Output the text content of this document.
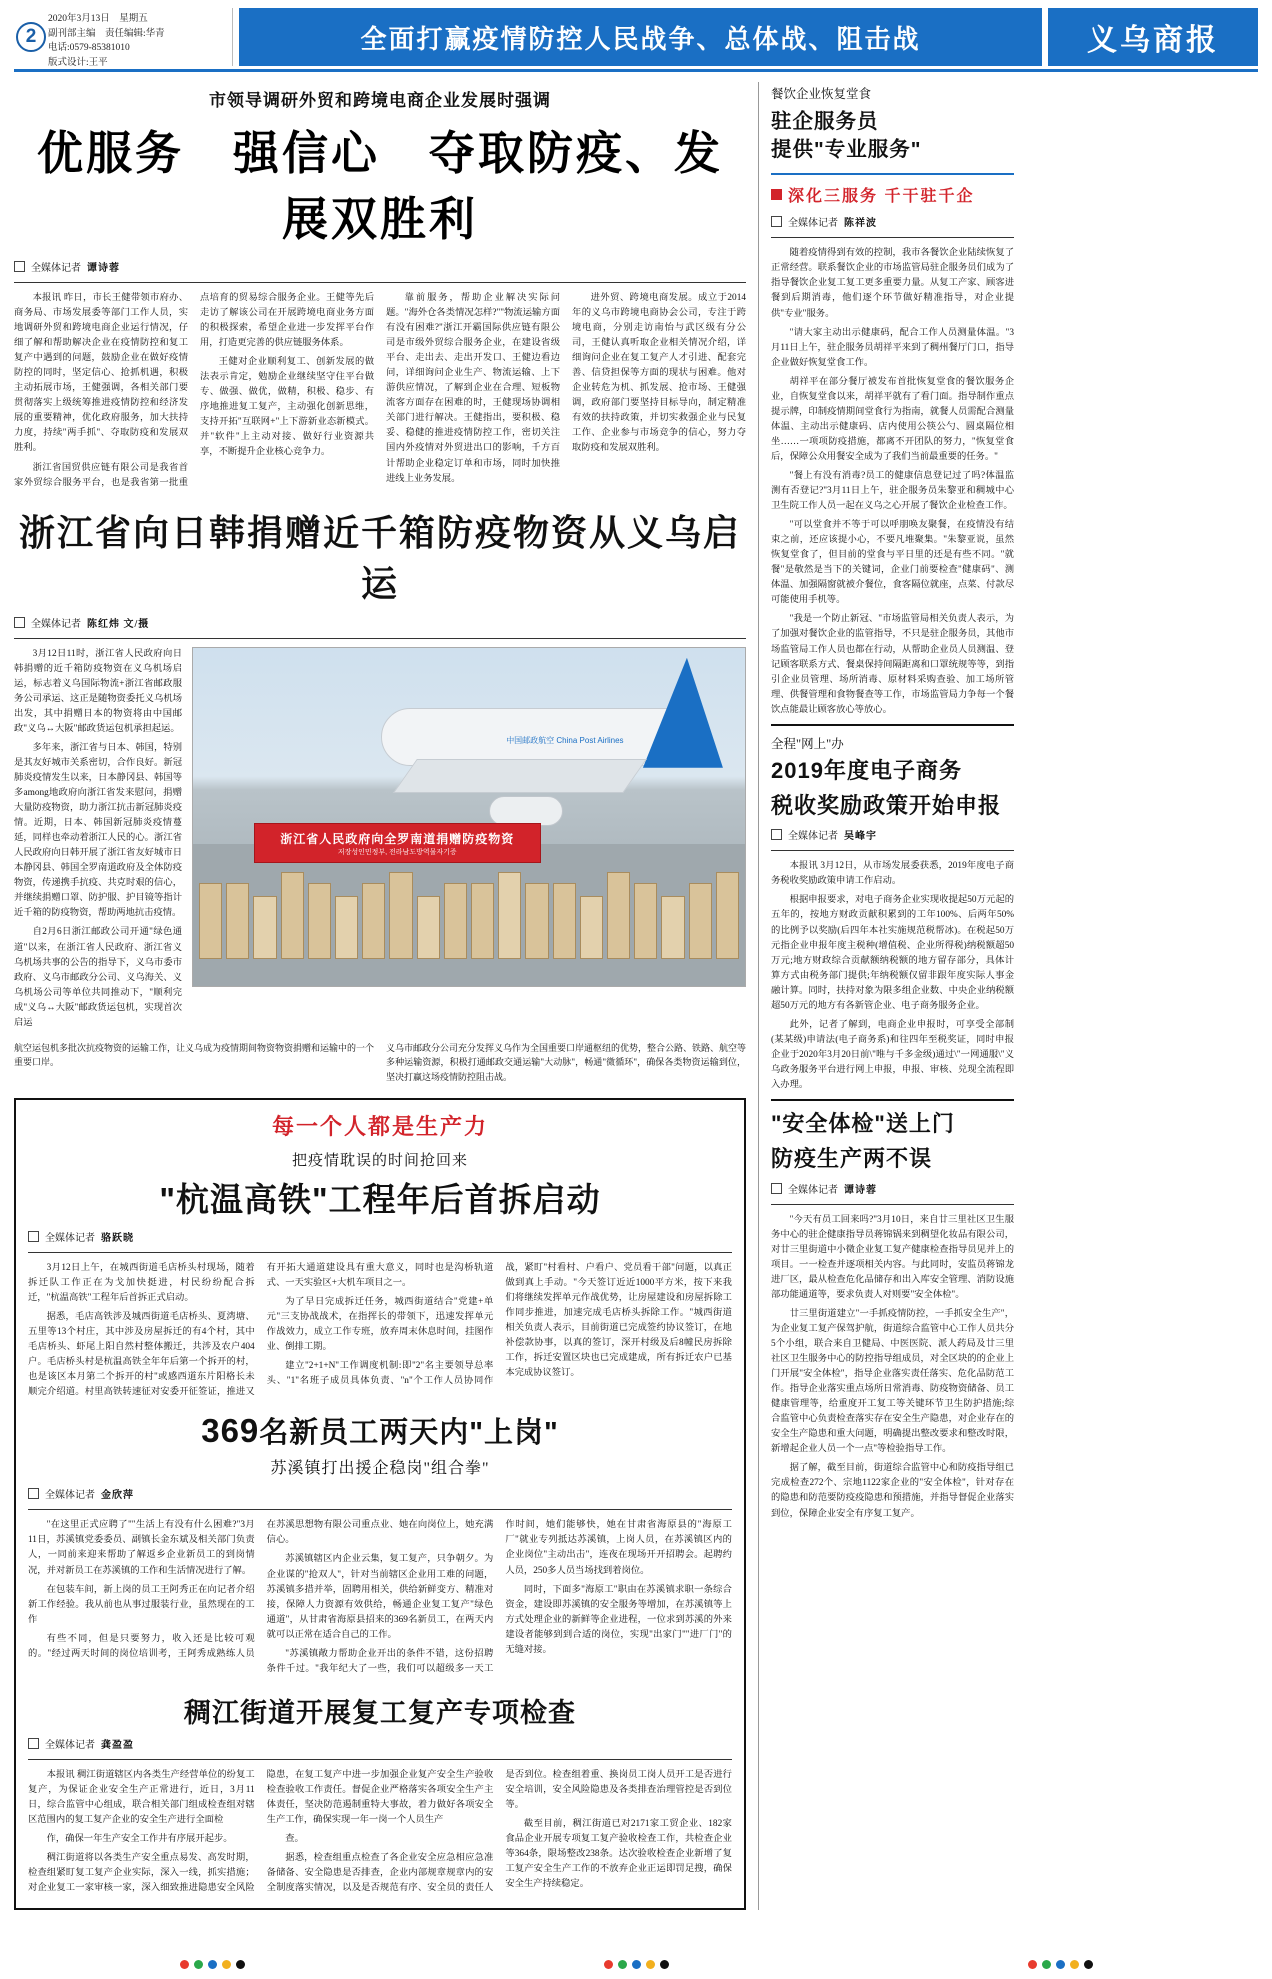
2
2020年3月13日　星期五
副刊部主编　责任编辑:华青
电话:0579-85381010
版式设计:王平
全面打赢疫情防控人民战争、总体战、阻击战	义乌商报
市领导调研外贸和跨境电商企业发展时强调
优服务　强信心　夺取防疫、发展双胜利
全媒体记者 谭诗蓉

本报讯 昨日，市长王健带领市府办、商务局、市场发展委等部门工作人员，实地调研外贸和跨境电商企业运行情况，仔细了解和帮助解决企业在疫情防控和复工复产中遇到的问题，鼓励企业在做好疫情防控的同时，坚定信心、抢抓机遇，积极主动拓展市场，王健强调，各相关部门要贯彻落实上级统筹推进疫情防控和经济发展的重要精神，优化政府服务，加大扶持力度，持续"两手抓"、夺取防疫和发展双胜利。

浙江省国贸供应链有限公司是我省首家外贸综合服务平台，也是我省第一批重点培育的贸易综合服务企业。王健等先后走访了解该公司在开展跨境电商业务方面的积极探索，希望企业进一步发挥平台作用，打造更完善的供应链服务体系。

王健对企业顺利复工、创新发展的做法表示肯定，勉励企业继续坚守住平台做专、做强、做优，做精，积极、稳步、有序地推进复工复产，主动强化创新思维，支持开拓"互联网+"上下游新业态新模式。并"软件"上主动对接、做好行业资源共享，不断提升企业核心竞争力。

靠前服务，帮助企业解决实际问题。"海外仓各类情况怎样?""物流运输方面有没有困难?"浙江开霸国际供应链有限公司是市级外贸综合服务企业，在建设省级平台、走出去、走出开发口、王健边看边问，详细询问企业生产、物流运输、上下游供应情况，了解到企业在合理、短板物流客方面存在困难的时，王健现场协调相关部门进行解决。王健指出，要积极、稳妥、稳健的推进疫情防控工作，密切关注国内外疫情对外贸进出口的影响，千方百计帮助企业稳定订单和市场，同时加快推进线上业务发展。

进外贸、跨境电商发展。成立于2014年的义乌市跨境电商协会公司，专注于跨境电商，分别走访南怡与武区级有分公司，王健认真听取企业相关情况介绍，详细询问企业在复工复产人才引进、配套完善、信贷担保等方面的现状与困难。他对企业转危为机、抓发展、抢市场、王健强调，政府部门要坚持目标导向，制定精准有效的扶持政策，并切实救强企业与民复工作、企业参与市场竞争的信心，努力夺取防疫和发展双胜利。

浙江省向日韩捐赠近千箱防疫物资从义乌启运
全媒体记者 陈红炜 文/摄

3月12日11时，浙江省人民政府向日韩捐赠的近千箱防疫物资在义乌机场启运，标志着义乌国际物流+浙江省邮政服务公司承运、这正是随物资委托义乌机场出发，其中捐赠日本的物资将由中国邮政"义乌↔大阪"邮政货运包机承担起运。

多年来，浙江省与日本、韩国，特别是其友好城市关系密切，合作良好。新冠肺炎疫情发生以来，日本静冈县、韩国等多among地政府向浙江省发来慰问，捐赠大量防疫物资，助力浙江抗击新冠肺炎疫情。近期，日本、韩国新冠肺炎疫情蔓延，同样也牵动着浙江人民的心。浙江省人民政府向日韩开展了浙江省友好城市日本静冈县、韩国全罗南道政府及全体防疫物资，传递携手抗疫、共克时艰的信心，并继续捐赠口罩、防护服、护目镜等指计近千箱的防疫物资，帮助两地抗击疫情。

自2月6日浙江邮政公司开通"绿色通道"以来，在浙江省人民政府、浙江省义乌机场共事的公告的指导下，义乌市委市政府、义乌市邮政分公司、义乌海关、义乌机场公司等单位共同推动下，"顺利完成"义乌↔大阪"邮政货运包机，实现首次启运

中国邮政航空 China Post Airlines
浙江省人民政府向全罗南道捐赠防疫物资
저장성인민정부, 전라남도방역물자기증
航空运包机多批次抗疫物资的运输工作，让义乌成为疫情期间物资物资捐赠和运输中的一个重要口岸。
义乌市邮政分公司充分发挥义乌作为全国重要口岸通枢纽的优势，整合公路、铁路、航空等多种运输资源，积极打通邮政交通运输"大动脉"，畅通"微循环"，确保各类物资运输到位，坚决打赢这场疫情防控阻击战。
每一个人都是生产力
把疫情耽误的时间抢回来
"杭温高铁"工程年后首拆启动
全媒体记者 骆跃晓

3月12日上午，在城西街道毛店桥头村现场，随着拆迁队工作正在为戈加快挺进，村民纷纷配合拆迁，"杭温高铁"工程年后首拆正式启动。

据悉，毛店高铁涉及城西街道毛店桥头、夏湾塘、五里等13个村庄，其中涉及房屋拆迁的有4个村，其中毛店桥头、虾尾上阳自然村整体搬迁，共涉及农户404户。毛店桥头村是杭温高铁全年年后第一个拆开的村，也是该区本月第二个拆开的村"或感西道东片阳格长未顺完介绍道。村里高铁转速征对安委开征签证，推进又有开拓大通道建设具有重大意义，同时也是沟桥轨道式、一天实验区+大机车项目之一。

为了早日完成拆迁任务，城西街道结合"党建+单元"三支协战战术，在指挥长的带领下，迅速发挥单元作战效力，成立工作专班，放弃周末休息时间，挂图作业、倒排工期。

建立"2+1+N"工作调度机制:即"2"名主要领导总率头、"1"名班子成员具体负责、"n"个工作人员协同作战，紧盯"村看村、户看户、党员看干部"问题，以真正做到真上手动。"今天签订近近1000平方米，按下来我们将继续发挥单元作战优势，让房屋建设和房屋拆除工作同步推进，加速完成毛店桥头拆除工作。"城西街道相关负责人表示，目前街道已完成签约协议签订，在地补偿款协事，以真的签订，深开村级及后8幢民房拆除工作，拆迁安置区块也已完成建成，所有拆迁农户已基本完成协议签订。

369名新员工两天内"上岗"
苏溪镇打出援企稳岗"组合拳"
全媒体记者 金欣萍

"在这里正式应聘了""生活上有没有什么困难?"3月11日，苏溪镇党委委员、副镇长金东斌及相关部门负责人，一同前来迎来帮助了解返乡企业新员工的到岗情况，并对新员工在苏溪镇的工作和生活情况进行了解。

在包装车间，新上岗的员工王阿秀正在向记者介绍新工作经验。我从前也从事过服装行业，虽然现在的工作

有些不同，但是只要努力，收入还是比较可观的。"经过两天时间的岗位培训考，王阿秀成熟练人员在苏溪思想物有限公司重点业、她在向岗位上，她充满信心。

苏溪镇辖区内企业云集，复工复产，只争朝夕。为企业谋的"抢双人"，针对当前辖区企业用工难的问题，苏溪镇多措并举，固聘用相关，供给新鲜变方、精准对接，保障人力资源有效供给，畅通企业复工复产"绿色通道"，从甘肃省海原县招来的369名新员工，在两天内就可以正常在适合自己的工作。

"苏溪镇敞力帮助企业开出的条件不错，这份招聘条件千过。"我年纪大了一些，我们可以超级多一天工作时间，她们能够快，她在甘肃省海原县的"海原工厂"就业专列抵达苏溪镇，上岗人员，在苏溪镇区内的企业岗位"主动出击"，连夜在现场开开招聘会。起聘约人员，250多人员当场找到着岗位。

同时，下面多"海原工"职由在苏溪镇求职一条综合资金，建设即苏溪镇的安全服务等增加，在苏溪镇等上方式处理企业的新鲜等企业进程，一位求到苏溪的外来建设者能够到到合适的岗位，实现"出家门""进厂门"的无缝对接。

稠江街道开展复工复产专项检查
全媒体记者 龚盈盈

本报讯 稠江街道辖区内各类生产经营单位的纷复工复产，为保证企业安全生产正常进行，近日，3月11日，综合监管中心组成，联合相关部门组成检查组对辖区范围内的复工复产企业的安全生产进行全面检

作，确保一年生产安全工作井有序展开起步。

稠江街道将以各类生产安全重点易发、高发时期，检查组紧盯复工复产企业实际，深入一线，抓实措施；对企业复工一家审核一家，深入细致推进隐患安全风险隐患，在复工复产中进一步加强企业复产安全生产验收检查验收工作责任。督促企业严格落实各项安全生产主体责任，坚决防范遏制重特大事故，着力做好各项安全生产工作，确保实现一年一岗一个人员生产

查。

据悉，检查组重点检查了各企业安全应急相应急准备储备、安全隐患是否排查，企业内部规章规章内的安全制度落实情况，以及是否规范有序、安全员的责任人是否到位。检查组着重、换岗员工岗人员开工是否进行安全培训，安全风险隐患及各类排查治理管控是否到位等。

截至目前，稠江街道已对2171家工贸企业、182家食品企业开展专项复工复产验收检查工作，共检查企业等364条，限场整改238条。达次验收检查企业新增了复工复产安全生产工作的不放弃企业正运即罚足搜，确保安全生产持续稳定。

餐饮企业恢复堂食
驻企服务员
提供"专业服务"
深化三服务 千干驻千企
全媒体记者 陈祥波

随着疫情得到有效的控制，我市各餐饮企业陆续恢复了正常经营。联系餐饮企业的市场监管局驻企服务员们成为了指导餐饮企业复工复工更多重要力量。从复工产家、顾客进餐到后期消毒，他们逐个环节做好精准指导，对企业提供"专业"服务。

"请大家主动出示健康码，配合工作人员测量体温。"3月11日上午，驻企服务员胡祥平来到了稠州餐厅门口，指导企业做好恢复堂食工作。

胡祥平在部分餐厅被发布首批恢复堂食的餐饮服务企业，自恢复堂食以来，胡祥平就有了看门面。指导制作重点提示牌，印制疫情期间堂食行为指南，就餐人员需配合测量体温、主动出示健康码、店内使用公筷公勺、圆桌隔位相坐……一项项防疫措施，都离不开团队的努力，"恢复堂食后，保障公众用餐安全成为了我们当前最重要的任务。"

"餐上有没有消毒?员工的健康信息登记过了吗?体温监测有否登记?"3月11日上午，驻企服务员朱黎亚和稠城中心卫生院工作人员一起在义乌之心开展了餐饮企业检查工作。

"可以堂食并不等于可以呼朋唤友聚餐，在疫情没有结束之前，还应该提小心，不要凡堆聚集。"朱黎亚说，虽然恢复堂食了，但目前的堂食与平日里的还是有些不同。"就餐"是敬然是当下的关键词，企业门前要检查"健康码"、测体温、加强隔窗就被介餐位，食客隔位就座，点菜、付款尽可能使用手机等。

"我是一个防止新冠、"市场监管局相关负责人表示，为了加强对餐饮企业的监管指导，不只是驻企服务员，其他市场监管局工作人员也都在行动，从帮助企业员人员测温、登记顾客联系方式、餐桌保持间隔距离和口罩统规等等，到指引企业员管理、场所消毒、原材料采购查验、加工场所管理、供餐管理和食物餐查等工作，市场监管局力争每一个餐饮点能最让顾客放心等放心。

全程"网上"办
2019年度电子商务
税收奖励政策开始申报
全媒体记者 吴峰宇

本报讯 3月12日，从市场发展委获悉，2019年度电子商务税收奖励政策申请工作启动。

根据申报要求，对电子商务企业实现收提起50万元起的五年的，按地方财政贡献积累到的工年100%、后两年50%的比例予以奖励(后四年本社实施规范税帮冰)。在税起50万元指企业申报年度主税种(增值税、企业所得税)纳税额超50万元;地方财政综合贡献额纳税额的地方留存部分，具体计算方式由税务部门提供;年纳税额仅留非跟年度实际人事金融计算。同时，扶持对象为限多组企业数、中央企业纳税额超50万元的地方有各新管企业、电子商务服务企业。

此外，记者了解到，电商企业申报时，可享受全部制(某某级)申请法(电子商务系)和往四年至税奖证，同时申报企业于2020年3月20日前\"唯与千多金级)通过\"一网通服\"义乌政务服务平台进行网上申报，申报、审核、兑现全流程即入办理。

"安全体检"送上门
防疫生产两不误
全媒体记者 谭诗蓉

"今天有员工回来吗?"3月10日，来自廿三里社区卫生服务中心的驻企健康指导员蒋锦锅来到稠望化妆品有限公司，对廿三里街道中小微企业复工复产健康检查指导员见并上的项目。一一检查并逐项相关内容。与此同时，安监员蒋锦龙进厂区，最从检查危化品储存和出入库安全管理、消防设施部功能通道等，要求负责人对则要"安全体检"。

廿三里街道建立"一手抓疫情防控，一手抓安全生产"，为企业复工复产保驾护航，街道综合监管中心工作人员共分5个小组，联合来自卫健局、中医医院、派人药局及廿三里社区卫生服务中心的防控指导组成员，对全区块的的企业上门开展"安全体检"，指导企业落实责任落实、危化品防范工作。指导企业落实重点场所日常消毒、防疫物资储备、员工健康管理等，给重度开工复工等关键环节卫生防护措施;综合监管中心负责检查落实存在安全生产隐患，对企业存在的安全生产隐患和重大问题，明确提出整改要求和整改时限，新增起企业人员一个一点"等检验指导工作。

据了解，截至目前，街道综合监管中心和防疫指导组已完成检查272个、宗地1122家企业的"安全体检"，针对存在的隐患和防范要防疫疫隐患和预措施，并指导督促企业落实到位，保障企业安全有序复工复产。
